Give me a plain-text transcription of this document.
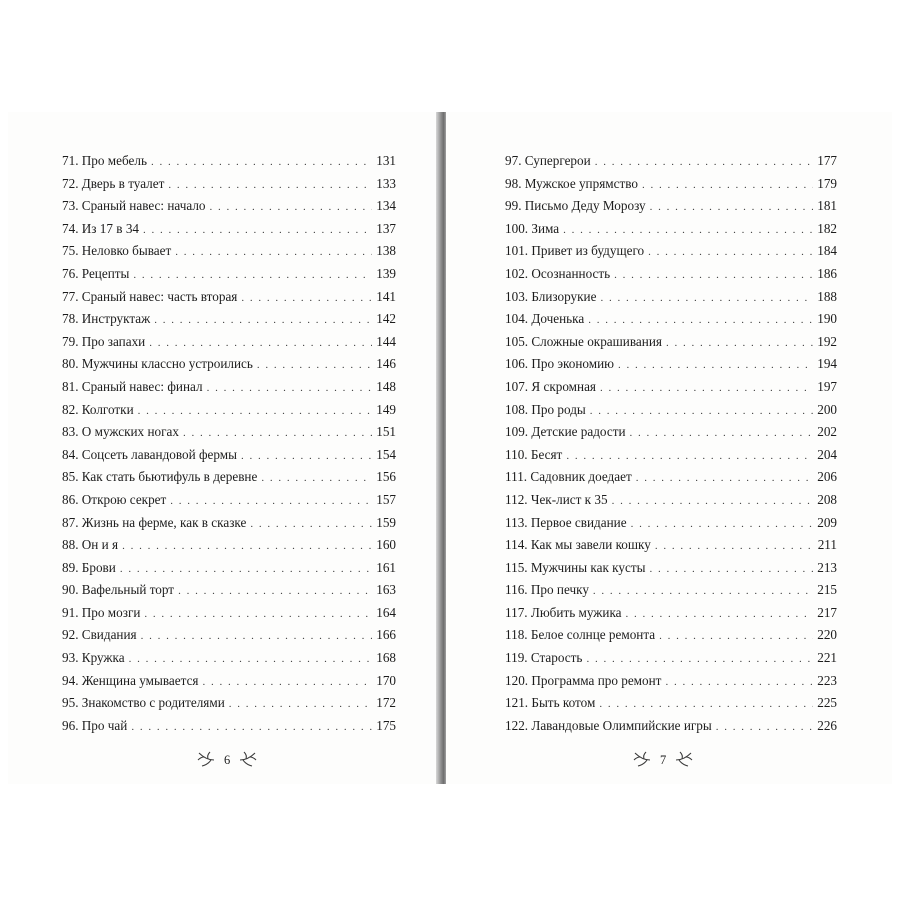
71. Про мебель . . .	131
72. Дверь в туалет . . .	133
73. Сраный навес: начало . . .	134
74. Из 17 в 34 . . .	137
75. Неловко бывает . . .	138
76. Рецепты . . .	139
77. Сраный навес: часть вторая . . .	141
78. Инструктаж . . .	142
79. Про запахи . . .	144
80. Мужчины классно устроились . . .	146
81. Сраный навес: финал . . .	148
82. Колготки . . .	149
83. О мужских ногах . . .	151
84. Соцсеть лавандовой фермы . . .	154
85. Как стать бьютифуль в деревне . . .	156
86. Открою секрет . . .	157
87. Жизнь на ферме, как в сказке . . .	159
88. Он и я . . .	160
89. Брови . . .	161
90. Вафельный торт . . .	163
91. Про мозги . . .	164
92. Свидания . . .	166
93. Кружка . . .	168
94. Женщина умывается . . .	170
95. Знакомство с родителями . . .	172
96. Про чай . . .	175
97. Супергерои . . .	177
98. Мужское упрямство . . .	179
99. Письмо Деду Морозу . . .	181
100. Зима . . .	182
101. Привет из будущего . . .	184
102. Осознанность . . .	186
103. Близорукие . . .	188
104. Доченька . . .	190
105. Сложные окрашивания . . .	192
106. Про экономию . . .	194
107. Я скромная . . .	197
108. Про роды . . .	200
109. Детские радости . . .	202
110. Бесят . . .	204
111. Садовник доедает . . .	206
112. Чек-лист к 35 . . .	208
113. Первое свидание . . .	209
114. Как мы завели кошку . . .	211
115. Мужчины как кусты . . .	213
116. Про печку . . .	215
117. Любить мужика . . .	217
118. Белое солнце ремонта . . .	220
119. Старость . . .	221
120. Программа про ремонт . . .	223
121. Быть котом . . .	225
122. Лавандовые Олимпийские игры . . .	226
6	7
